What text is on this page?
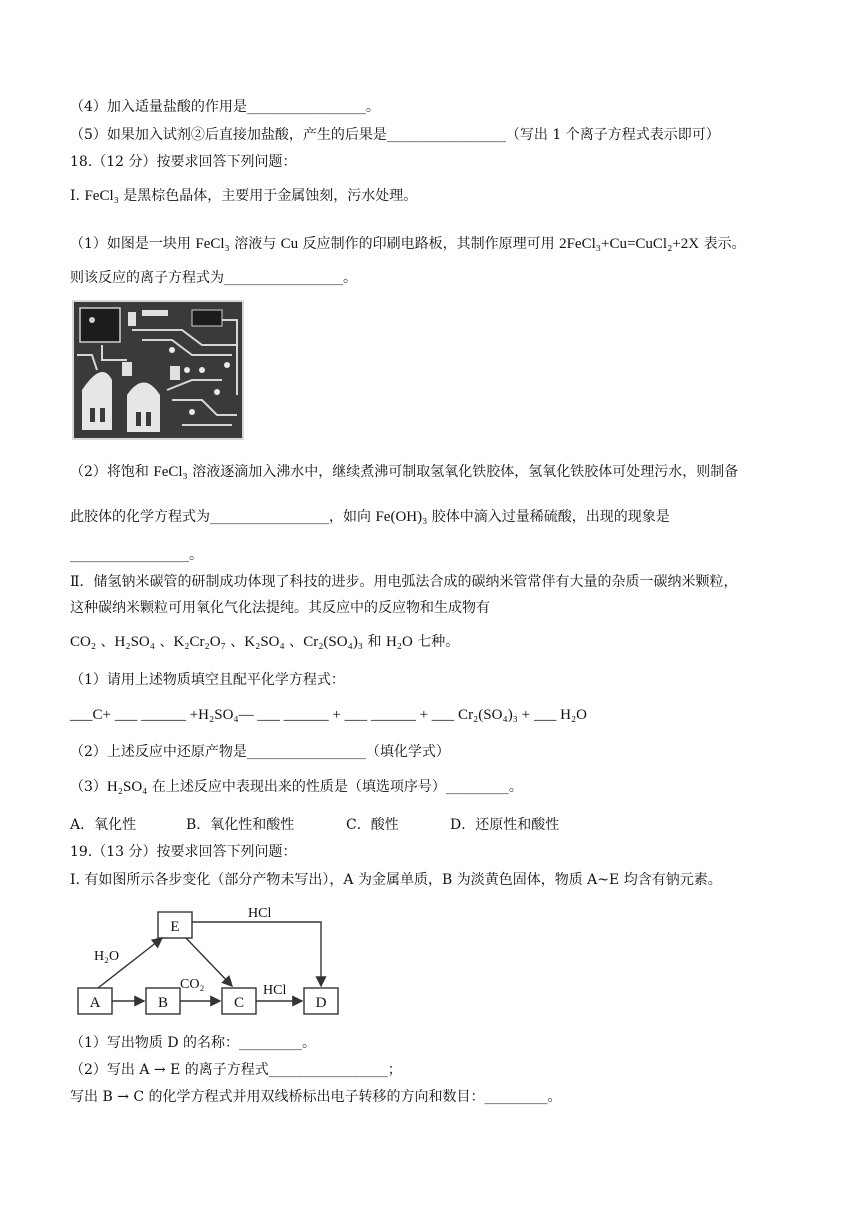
（4）加入适量盐酸的作用是_________________。
（5）如果加入试剂②后直接加盐酸，产生的后果是_________________（写出 1 个离子方程式表示即可）
18.（12 分）按要求回答下列问题：
I. FeCl₃ 是黑棕色晶体，主要用于金属蚀刻，污水处理。
（1）如图是一块用 FeCl₃ 溶液与 Cu 反应制作的印刷电路板，其制作原理可用 2FeCl₃+Cu=CuCl₂+2X 表示。
则该反应的离子方程式为_________________。
（2）将饱和 FeCl₃ 溶液逐滴加入沸水中，继续煮沸可制取氢氧化铁胶体，氢氧化铁胶体可处理污水，则制备
此胶体的化学方程式为_________________，如向 Fe(OH)₃ 胶体中滴入过量稀硫酸，出现的现象是
_________________。
Ⅱ．储氢钠米碳管的研制成功体现了科技的进步。用电弧法合成的碳纳米管常伴有大量的杂质一碳纳米颗粒，
这种碳纳米颗粒可用氧化气化法提纯。其反应中的反应物和生成物有
CO₂ 、H₂SO₄ 、K₂Cr₂O₇ 、K₂SO₄ 、Cr₂(SO₄)₃ 和 H₂O 七种。
（1）请用上述物质填空且配平化学方程式：
___C+ ___ ______ +H₂SO₄— ___ ______ + ___ ______ + ___ Cr₂(SO₄)₃ + ___ H₂O
（2）上述反应中还原产物是_________________（填化学式）
（3）H₂SO₄ 在上述反应中表现出来的性质是（填选项序号）_________。
A．氧化性	B．氧化性和酸性	C．酸性	D．还原性和酸性
19.（13 分）按要求回答下列问题：
I. 有如图所示各步变化（部分产物未写出），A 为金属单质，B 为淡黄色固体，物质 A~E 均含有钠元素。
A	B	C	D
E
H₂O
CO₂	HCl
HCl
（1）写出物质 D 的名称：_________。
（2）写出 A → E 的离子方程式_________________；
写出 B → C 的化学方程式并用双线桥标出电子转移的方向和数目：_________。
